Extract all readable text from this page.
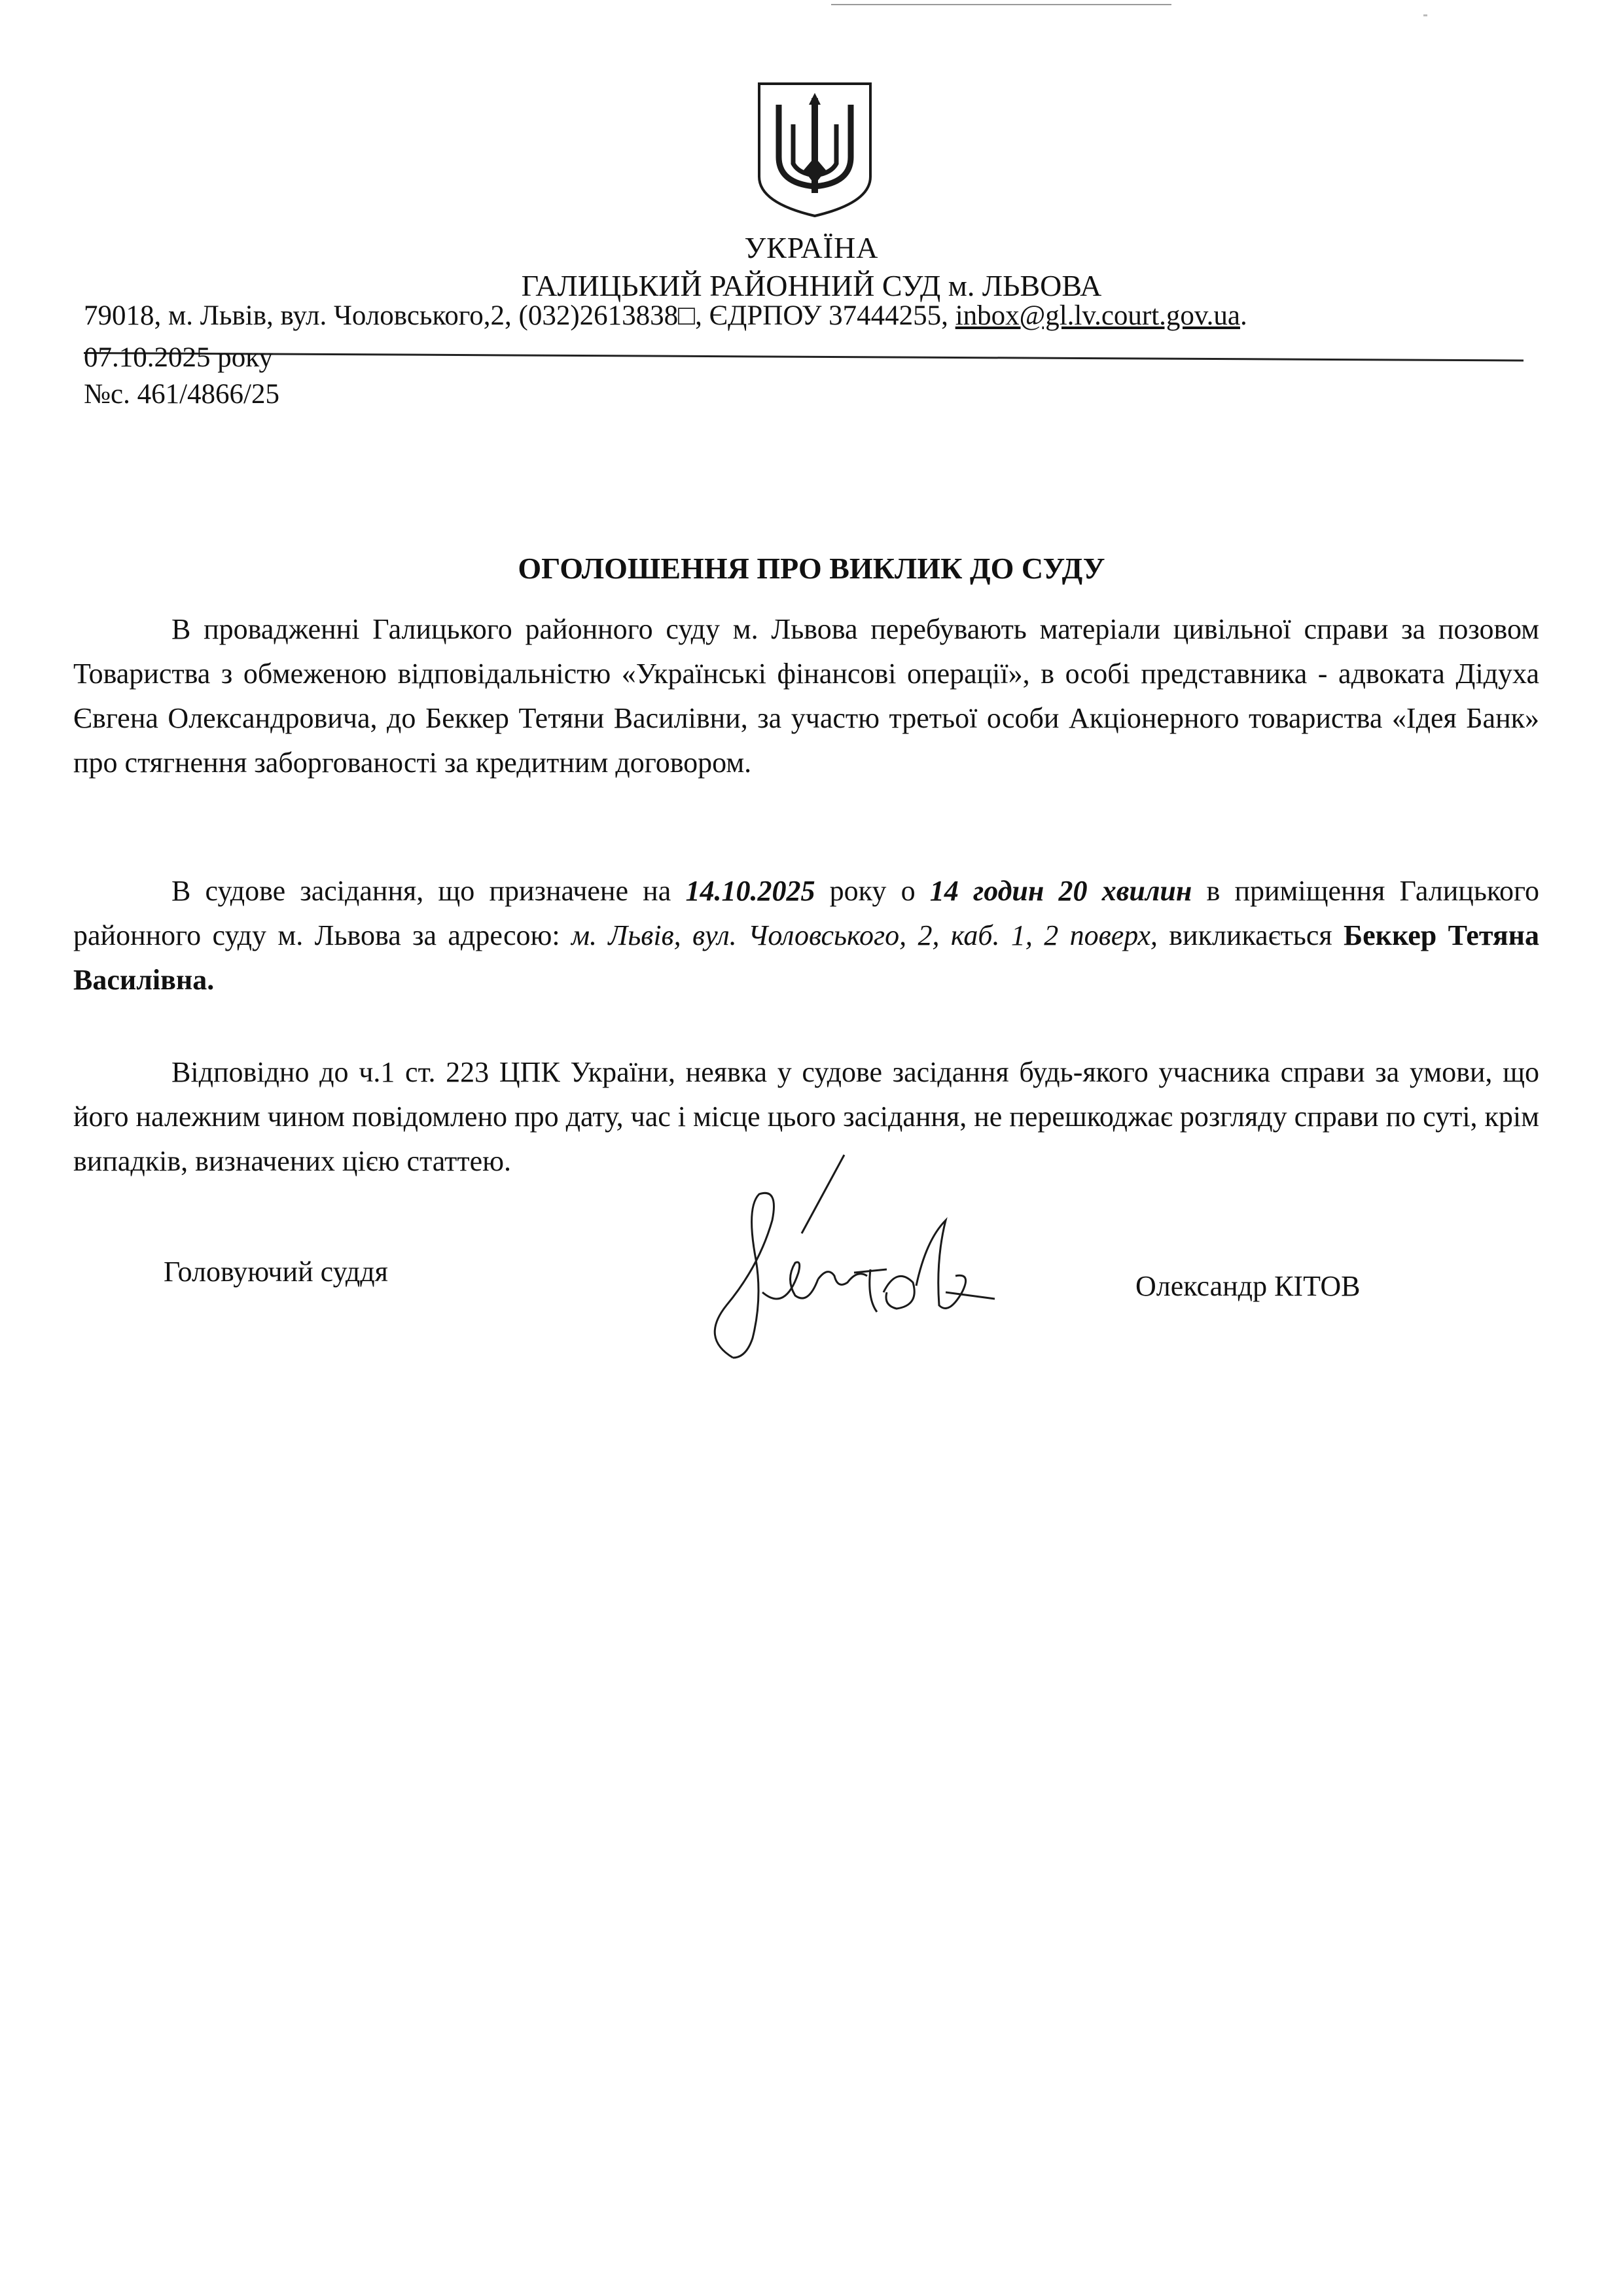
УКРАЇНА
ГАЛИЦЬКИЙ РАЙОННИЙ СУД м. ЛЬВОВА
79018, м. Львів, вул. Чоловського,2, (032)2613838□, ЄДРПОУ 37444255, inbox@gl.lv.court.gov.ua.
07.10.2025 року
№с. 461/4866/25
ОГОЛОШЕННЯ ПРО ВИКЛИК ДО СУДУ
В провадженні Галицького районного суду м. Львова перебувають матеріали цивільної справи за позовом Товариства з обмеженою відповідальністю «Українські фінансові операції», в особі представника - адвоката Дідуха Євгена Олександровича, до Беккер Тетяни Василівни, за участю третьої особи Акціонерного товариства «Ідея Банк» про стягнення заборгованості за кредитним договором.
В судове засідання, що призначене на 14.10.2025 року о 14 годин 20 хвилин в приміщення Галицького районного суду м. Львова за адресою: м. Львів, вул. Чоловського, 2, каб. 1, 2 поверх, викликається Беккер Тетяна Василівна.
Відповідно до ч.1 ст. 223 ЦПК України, неявка у судове засідання будь-якого учасника справи за умови, що його належним чином повідомлено про дату, час і місце цього засідання, не перешкоджає розгляду справи по суті, крім випадків, визначених цією статтею.
Головуючий суддя	Олександр КІТОВ
